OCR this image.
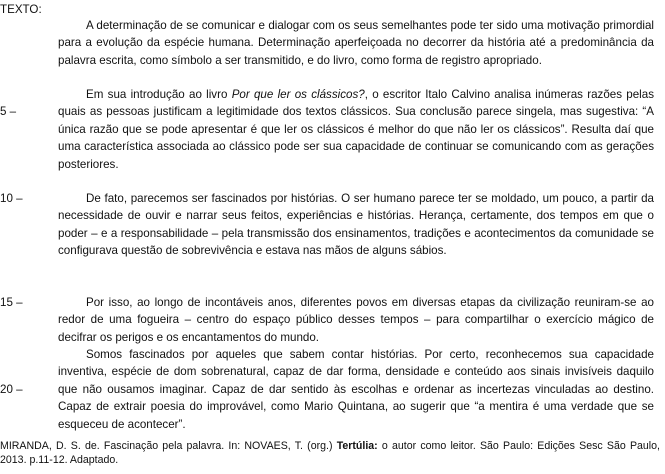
TEXTO:
5 –
10 –
15 –
20 –

A determinação de se comunicar e dialogar com os seus semelhantes pode ter sido uma motivação primordial para a evolução da espécie humana. Determinação aperfeiçoada no decorrer da história até a predominância da palavra escrita, como símbolo a ser transmitido, e do livro, como forma de registro apropriado.

Em sua introdução ao livro Por que ler os clássicos?, o escritor Italo Calvino analisa inúmeras razões pelas quais as pessoas justificam a legitimidade dos textos clássicos. Sua conclusão parece singela, mas sugestiva: “A única razão que se pode apresentar é que ler os clássicos é melhor do que não ler os clássicos”. Resulta daí que uma característica associada ao clássico pode ser sua capacidade de continuar se comunicando com as gerações posteriores.

De fato, parecemos ser fascinados por histórias. O ser humano parece ter se moldado, um pouco, a partir da necessidade de ouvir e narrar seus feitos, experiências e histórias. Herança, certamente, dos tempos em que o poder – e a responsabilidade – pela transmissão dos ensinamentos, tradições e acontecimentos da comunidade se configurava questão de sobrevivência e estava nas mãos de alguns sábios.

Por isso, ao longo de incontáveis anos, diferentes povos em diversas etapas da civilização reuniram-se ao redor de uma fogueira – centro do espaço público desses tempos – para compartilhar o exercício mágico de decifrar os perigos e os encantamentos do mundo.

Somos fascinados por aqueles que sabem contar histórias. Por certo, reconhecemos sua capacidade inventiva, espécie de dom sobrenatural, capaz de dar forma, densidade e conteúdo aos sinais invisíveis daquilo que não ousamos imaginar. Capaz de dar sentido às escolhas e ordenar as incertezas vinculadas ao destino. Capaz de extrair poesia do improvável, como Mario Quintana, ao sugerir que “a mentira é uma verdade que se esqueceu de acontecer”.

MIRANDA, D. S. de. Fascinação pela palavra. In: NOVAES, T. (org.) Tertúlia: o autor como leitor. São Paulo: Edições Sesc São Paulo, 2013. p.11-12. Adaptado.
